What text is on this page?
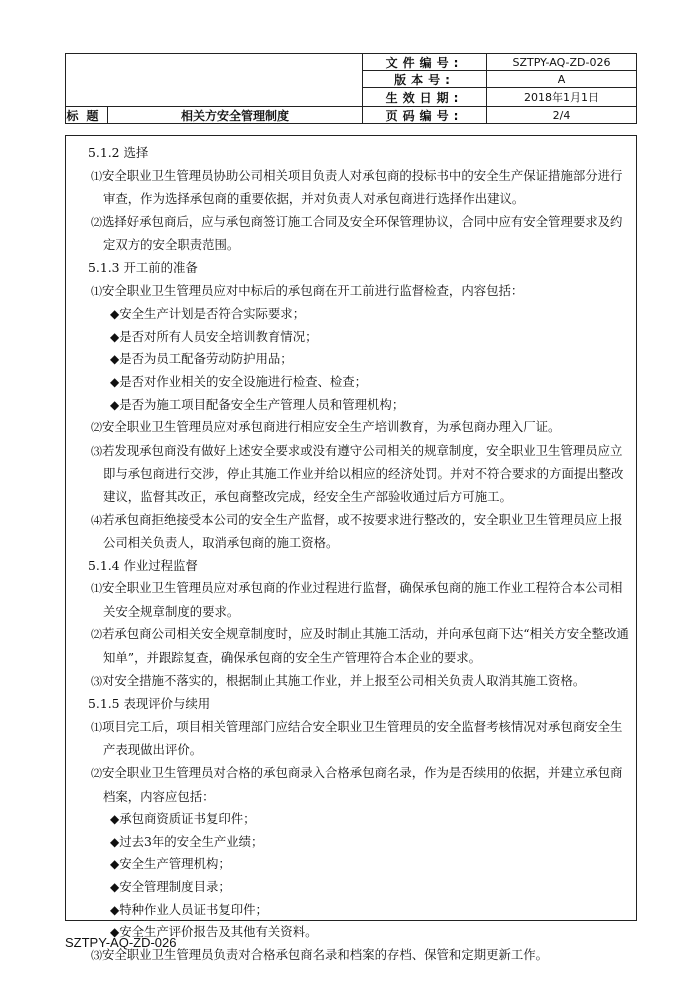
文件编号:	SZTPY-AQ-ZD-026
版本号:	A
生效日期:	2018年1月1日
标题	相关方安全管理制度	页码编号:	2/4

5.1.2 选择

⑴安全职业卫生管理员协助公司相关项目负责人对承包商的投标书中的安全生产保证措施部分进行审查，作为选择承包商的重要依据，并对负责人对承包商进行选择作出建议。

⑵选择好承包商后，应与承包商签订施工合同及安全环保管理协议，合同中应有安全管理要求及约定双方的安全职责范围。

5.1.3 开工前的准备

⑴安全职业卫生管理员应对中标后的承包商在开工前进行监督检查，内容包括：

◆安全生产计划是否符合实际要求；

◆是否对所有人员安全培训教育情况；

◆是否为员工配备劳动防护用品；

◆是否对作业相关的安全设施进行检查、检查；

◆是否为施工项目配备安全生产管理人员和管理机构；

⑵安全职业卫生管理员应对承包商进行相应安全生产培训教育，为承包商办理入厂证。

⑶若发现承包商没有做好上述安全要求或没有遵守公司相关的规章制度，安全职业卫生管理员应立即与承包商进行交涉，停止其施工作业并给以相应的经济处罚。并对不符合要求的方面提出整改建议，监督其改正，承包商整改完成，经安全生产部验收通过后方可施工。

⑷若承包商拒绝接受本公司的安全生产监督，或不按要求进行整改的，安全职业卫生管理员应上报公司相关负责人，取消承包商的施工资格。

5.1.4 作业过程监督

⑴安全职业卫生管理员应对承包商的作业过程进行监督，确保承包商的施工作业工程符合本公司相关安全规章制度的要求。

⑵若承包商公司相关安全规章制度时，应及时制止其施工活动，并向承包商下达“相关方安全整改通知单”，并跟踪复查，确保承包商的安全生产管理符合本企业的要求。

⑶对安全措施不落实的，根据制止其施工作业，并上报至公司相关负责人取消其施工资格。

5.1.5 表现评价与续用

⑴项目完工后，项目相关管理部门应结合安全职业卫生管理员的安全监督考核情况对承包商安全生产表现做出评价。

⑵安全职业卫生管理员对合格的承包商录入合格承包商名录，作为是否续用的依据，并建立承包商档案，内容应包括：

◆承包商资质证书复印件；

◆过去3年的安全生产业绩；

◆安全生产管理机构；

◆安全管理制度目录；

◆特种作业人员证书复印件；

◆安全生产评价报告及其他有关资料。

⑶安全职业卫生管理员负责对合格承包商名录和档案的存档、保管和定期更新工作。

SZTPY-AQ-ZD-026
